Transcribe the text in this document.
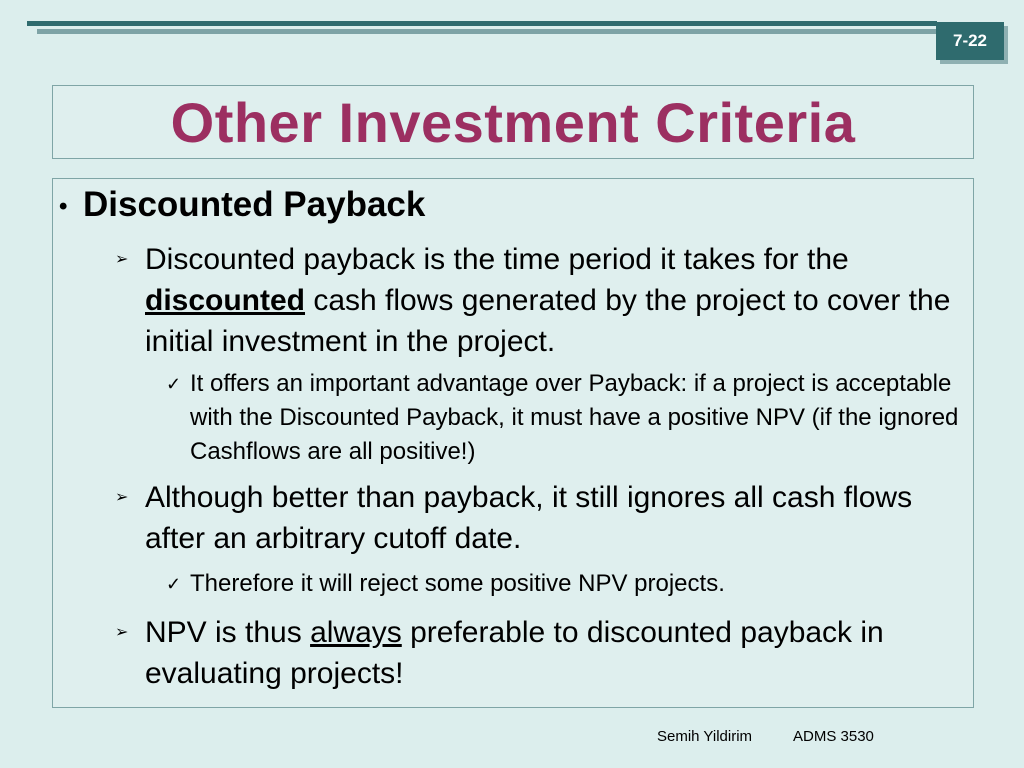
7-22
Other Investment Criteria
• Discounted Payback
➢ Discounted payback is the time period it takes for the
discounted cash flows generated by the project to cover the initial investment in the project.
✓ It offers an important advantage over Payback: if a project is acceptable with the Discounted Payback, it must have a positive NPV (if the ignored Cashflows are all positive!)
➢ Although better than payback, it still ignores all cash flows after an arbitrary cutoff date.
✓ Therefore it will reject some positive NPV projects.
➢ NPV is thus always preferable to discounted payback in evaluating projects!
Semih Yildirim	ADMS 3530
